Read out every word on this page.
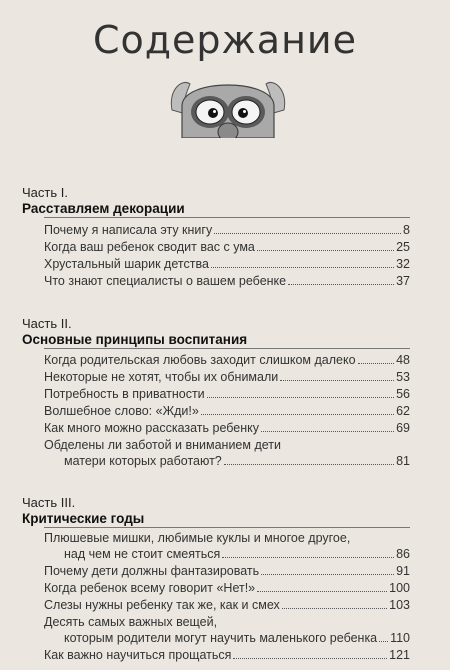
Содержание
Часть I.
Расставляем декорации
Почему я написала эту книгу	8
Когда ваш ребенок сводит вас с ума	25
Хрустальный шарик детства	32
Что знают специалисты о вашем ребенке	37
Часть II.
Основные принципы воспитания
Когда родительская любовь заходит слишком далеко	48
Некоторые не хотят, чтобы их обнимали	53
Потребность в приватности	56
Волшебное слово: «Жди!»	62
Как много можно рассказать ребенку	69
Обделены ли заботой и вниманием дети
матери которых работают?	81
Часть III.
Критические годы
Плюшевые мишки, любимые куклы и многое другое,
над чем не стоит смеяться	86
Почему дети должны фантазировать	91
Когда ребенок всему говорит «Нет!»	100
Слезы нужны ребенку так же, как и смех	103
Десять самых важных вещей,
которым родители могут научить маленького ребенка 110
Как важно научиться прощаться	121
